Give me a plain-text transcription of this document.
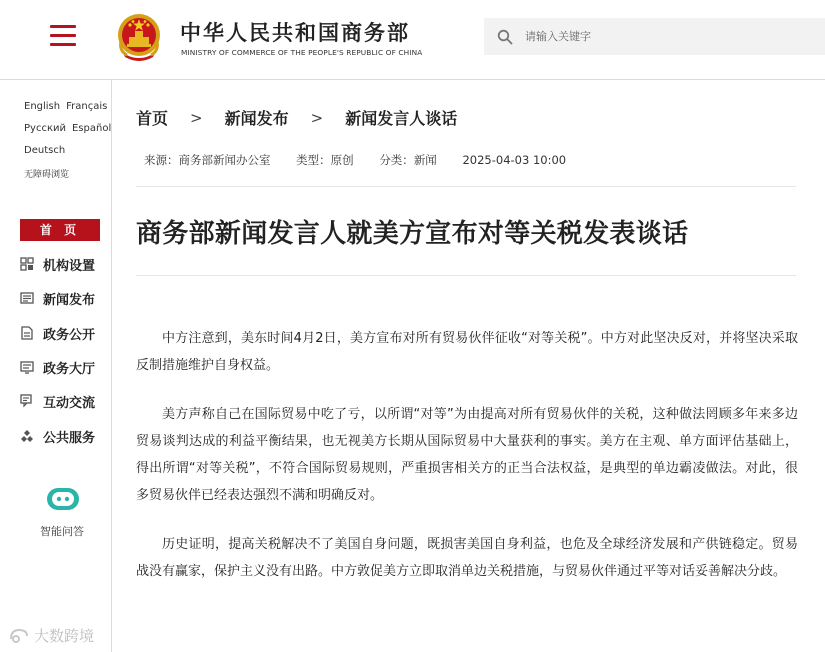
中华人民共和国商务部
MINISTRY OF COMMERCE OF THE PEOPLE'S REPUBLIC OF CHINA
请输入关键字
English Français
Русский Español
Deutsch
无障碍浏览
首 页
机构设置
新闻发布
政务公开
政务大厅
互动交流
公共服务
智能问答
大数跨境
首页 > 新闻发布 > 新闻发言人谈话
来源：商务部新闻办公室 类型：原创 分类：新闻 2025-04-03 10:00
商务部新闻发言人就美方宣布对等关税发表谈话

中方注意到，美东时间4月2日，美方宣布对所有贸易伙伴征收“对等关税”。中方对此坚决反对，并将坚决采取反制措施维护自身权益。

美方声称自己在国际贸易中吃了亏，以所谓“对等”为由提高对所有贸易伙伴的关税，这种做法罔顾多年来多边贸易谈判达成的利益平衡结果，也无视美方长期从国际贸易中大量获利的事实。美方在主观、单方面评估基础上，得出所谓“对等关税”，不符合国际贸易规则，严重损害相关方的正当合法权益，是典型的单边霸凌做法。对此，很多贸易伙伴已经表达强烈不满和明确反对。

历史证明，提高关税解决不了美国自身问题，既损害美国自身利益，也危及全球经济发展和产供链稳定。贸易战没有赢家，保护主义没有出路。中方敦促美方立即取消单边关税措施，与贸易伙伴通过平等对话妥善解决分歧。
